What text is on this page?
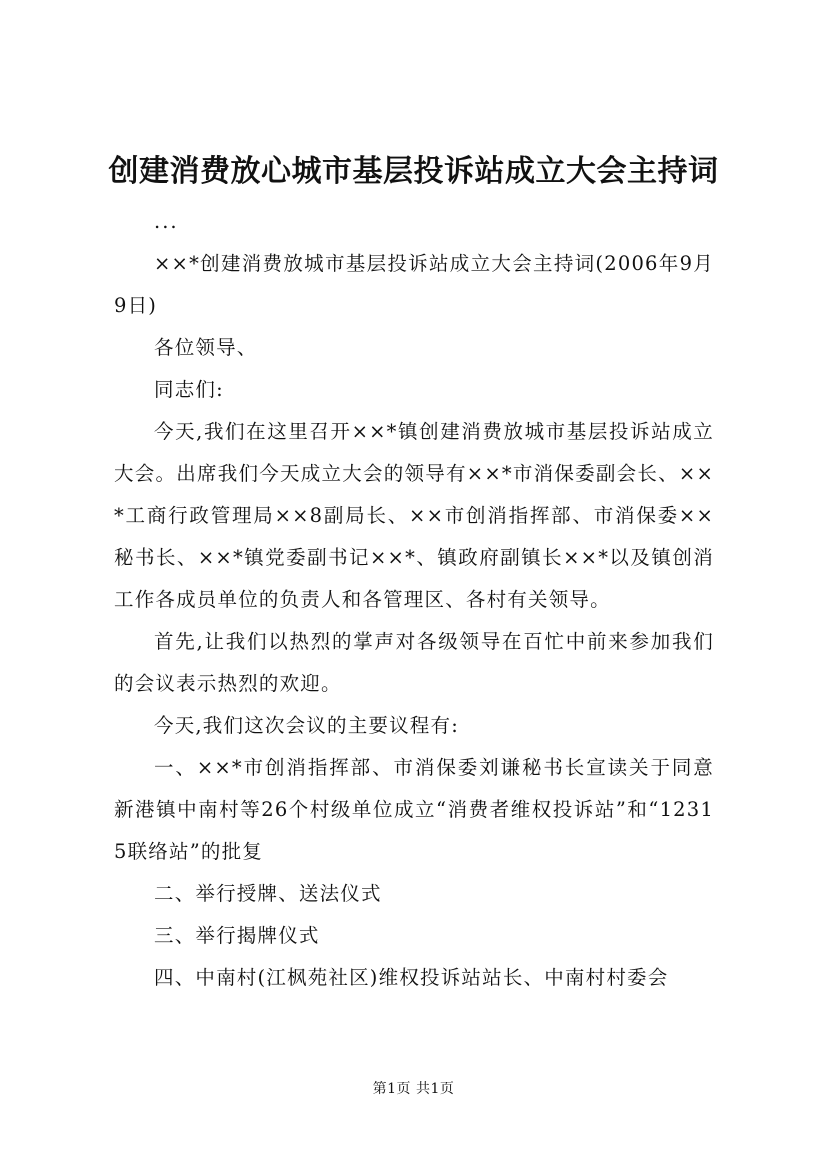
创建消费放心城市基层投诉站成立大会主持词

...

××*创建消费放城市基层投诉站成立大会主持词(2006年9月9日)

各位领导、

同志们:

今天,我们在这里召开××*镇创建消费放城市基层投诉站成立大会。出席我们今天成立大会的领导有××*市消保委副会长、××*工商行政管理局××8副局长、××市创消指挥部、市消保委××秘书长、××*镇党委副书记××*、镇政府副镇长××*以及镇创消工作各成员单位的负责人和各管理区、各村有关领导。

首先,让我们以热烈的掌声对各级领导在百忙中前来参加我们的会议表示热烈的欢迎。

今天,我们这次会议的主要议程有:

一、××*市创消指挥部、市消保委刘谦秘书长宣读关于同意新港镇中南村等26个村级单位成立“消费者维权投诉站”和“12315联络站”的批复

二、举行授牌、送法仪式

三、举行揭牌仪式

四、中南村(江枫苑社区)维权投诉站站长、中南村村委会

第1页 共1页
